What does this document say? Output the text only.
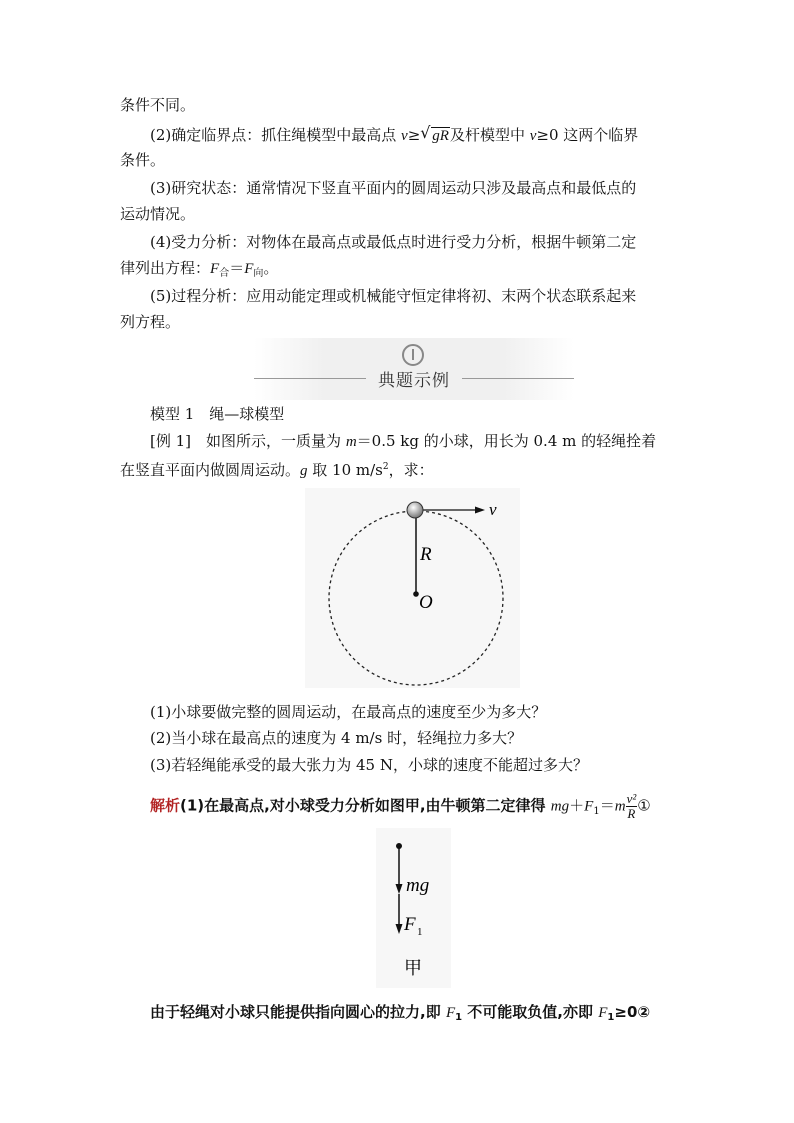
条件不同。
(2)确定临界点：抓住绳模型中最高点 v≥ √ gR及杆模型中 v≥0 这两个临界
条件。
(3)研究状态：通常情况下竖直平面内的圆周运动只涉及最高点和最低点的
运动情况。
(4)受力分析：对物体在最高点或最低点时进行受力分析，根据牛顿第二定
律列出方程：$F_合=F_向$。
(5)过程分析：应用动能定理或机械能守恒定律将初、末两个状态联系起来
列方程。
典题示例
模型 1　绳—球模型
[例 1]　如图所示，一质量为 m＝0.5 kg 的小球，用长为 0.4 m 的轻绳拴着
在竖直平面内做圆周运动。g 取 10 $m/s^2$，求：
v
R
O
(1)小球要做完整的圆周运动，在最高点的速度至少为多大？
(2)当小球在最高点的速度为 4 m/s 时，轻绳拉力多大？
(3)若轻绳能承受的最大张力为 45 N，小球的速度不能超过多大？
解析(1)在最高点,对小球受力分析如图甲,由牛顿第二定律得 $mg+F_1=m \frac{\text{v²}}{R}$ ①
mg
F 1
甲
由于轻绳对小球只能提供指向圆心的拉力,即 $F_1$ 不可能取负值,亦即 $F_1\ge 0②$
